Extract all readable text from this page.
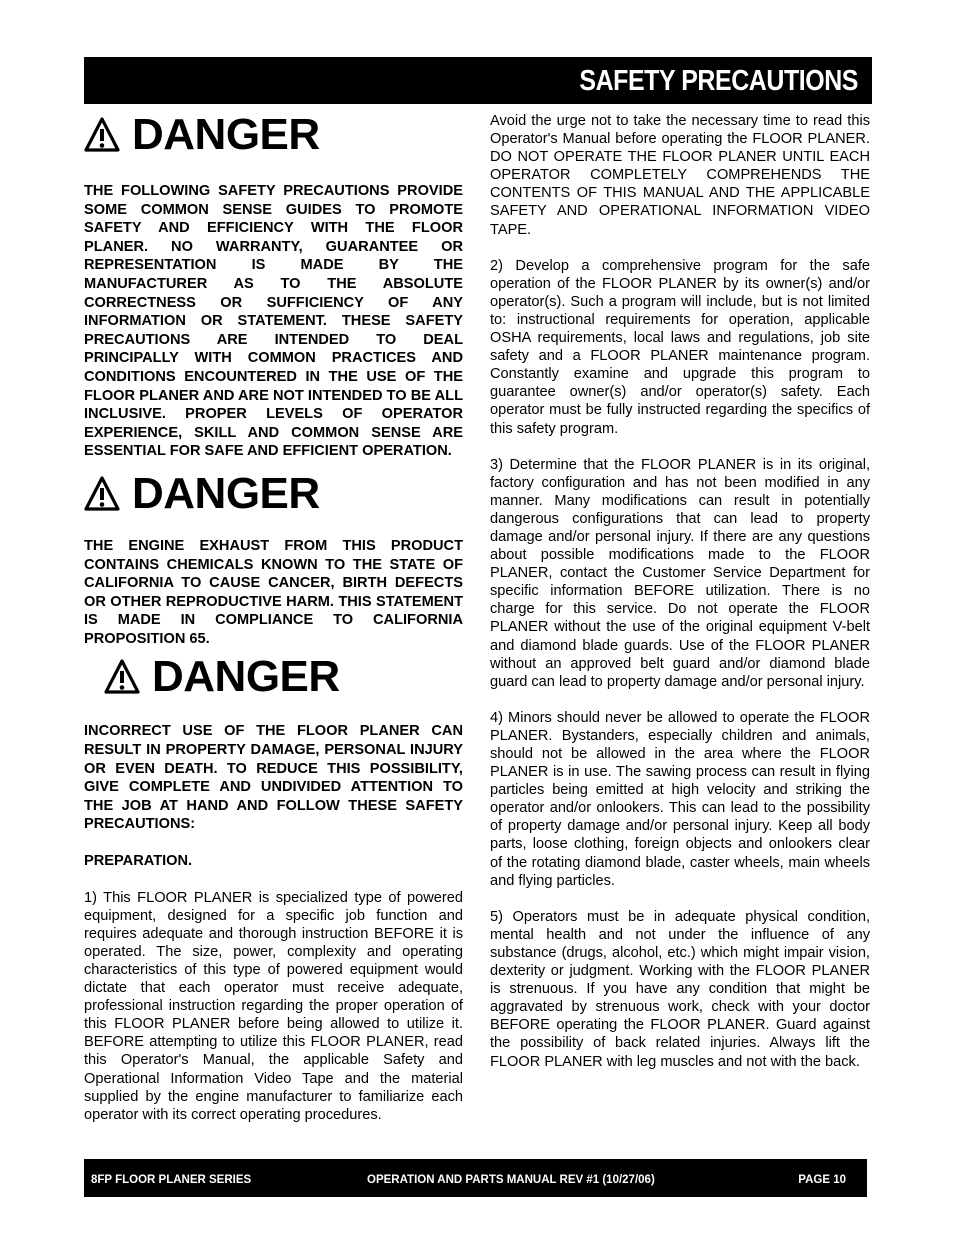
SAFETY PRECAUTIONS
DANGER

THE FOLLOWING SAFETY PRECAUTIONS PROVIDE SOME COMMON SENSE GUIDES TO PROMOTE SAFETY AND EFFICIENCY WITH THE FLOOR PLANER. NO WARRANTY, GUARANTEE OR REPRESENTATION IS MADE BY THE MANUFACTURER AS TO THE ABSOLUTE CORRECTNESS OR SUFFICIENCY OF ANY INFORMATION OR STATEMENT. THESE SAFETY PRECAUTIONS ARE INTENDED TO DEAL PRINCIPALLY WITH COMMON PRACTICES AND CONDITIONS ENCOUNTERED IN THE USE OF THE FLOOR PLANER AND ARE NOT INTENDED TO BE ALL INCLUSIVE. PROPER LEVELS OF OPERATOR EXPERIENCE, SKILL AND COMMON SENSE ARE ESSENTIAL FOR SAFE AND EFFICIENT OPERATION.

DANGER

THE ENGINE EXHAUST FROM THIS PRODUCT CONTAINS CHEMICALS KNOWN TO THE STATE OF CALIFORNIA TO CAUSE CANCER, BIRTH DEFECTS OR OTHER REPRODUCTIVE HARM. THIS STATEMENT IS MADE IN COMPLIANCE TO CALIFORNIA PROPOSITION 65.

DANGER

INCORRECT USE OF THE FLOOR PLANER CAN RESULT IN PROPERTY DAMAGE, PERSONAL INJURY OR EVEN DEATH. TO REDUCE THIS POSSIBILITY, GIVE COMPLETE AND UNDIVIDED ATTENTION TO THE JOB AT HAND AND FOLLOW THESE SAFETY PRECAUTIONS:

PREPARATION.

1) This FLOOR PLANER is specialized type of powered equipment, designed for a specific job function and requires adequate and thorough instruction BEFORE it is operated. The size, power, complexity and operating characteristics of this type of powered equipment would dictate that each operator must receive adequate, professional instruction regarding the proper operation of this FLOOR PLANER before being allowed to utilize it. BEFORE attempting to utilize this FLOOR PLANER, read this Operator's Manual, the applicable Safety and Operational Information Video Tape and the material supplied by the engine manufacturer to familiarize each operator with its correct operating procedures.

Avoid the urge not to take the necessary time to read this Operator's Manual before operating the FLOOR PLANER. DO NOT OPERATE THE FLOOR PLANER UNTIL EACH OPERATOR COMPLETELY COMPREHENDS THE CONTENTS OF THIS MANUAL AND THE APPLICABLE SAFETY AND OPERATIONAL INFORMATION VIDEO TAPE.

2) Develop a comprehensive program for the safe operation of the FLOOR PLANER by its owner(s) and/or operator(s). Such a program will include, but is not limited to: instructional requirements for operation, applicable OSHA requirements, local laws and regulations, job site safety and a FLOOR PLANER maintenance program. Constantly examine and upgrade this program to guarantee owner(s) and/or operator(s) safety. Each operator must be fully instructed regarding the specifics of this safety program.

3) Determine that the FLOOR PLANER is in its original, factory configuration and has not been modified in any manner. Many modifications can result in potentially dangerous configurations that can lead to property damage and/or personal injury. If there are any questions about possible modifications made to the FLOOR PLANER, contact the Customer Service Department for specific information BEFORE utilization. There is no charge for this service. Do not operate the FLOOR PLANER without the use of the original equipment V-belt and diamond blade guards. Use of the FLOOR PLANER without an approved belt guard and/or diamond blade guard can lead to property damage and/or personal injury.

4) Minors should never be allowed to operate the FLOOR PLANER. Bystanders, especially children and animals, should not be allowed in the area where the FLOOR PLANER is in use. The sawing process can result in flying particles being emitted at high velocity and striking the operator and/or onlookers. This can lead to the possibility of property damage and/or personal injury. Keep all body parts, loose clothing, foreign objects and onlookers clear of the rotating diamond blade, caster wheels, main wheels and flying particles.

5) Operators must be in adequate physical condition, mental health and not under the influence of any substance (drugs, alcohol, etc.) which might impair vision, dexterity or judgment. Working with the FLOOR PLANER is strenuous. If you have any condition that might be aggravated by strenuous work, check with your doctor BEFORE operating the FLOOR PLANER. Guard against the possibility of back related injuries. Always lift the FLOOR PLANER with leg muscles and not with the back.

8FP FLOOR PLANER SERIES	OPERATION AND PARTS MANUAL REV #1 (10/27/06)	PAGE 10
